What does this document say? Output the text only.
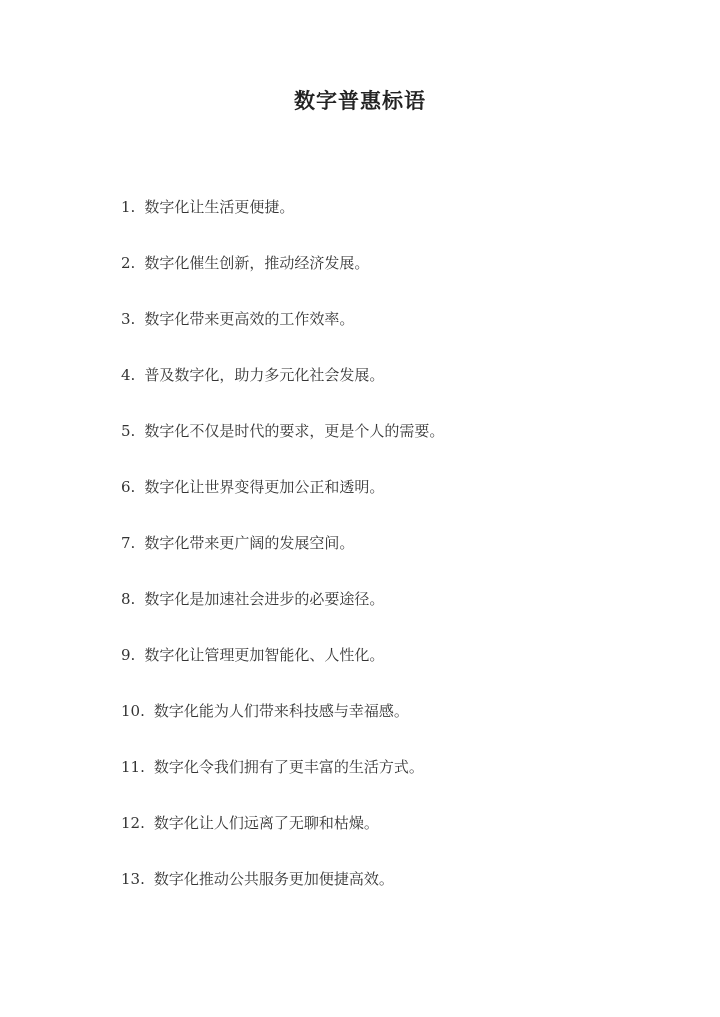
数字普惠标语
1. 数字化让生活更便捷。
2. 数字化催生创新，推动经济发展。
3. 数字化带来更高效的工作效率。
4. 普及数字化，助力多元化社会发展。
5. 数字化不仅是时代的要求，更是个人的需要。
6. 数字化让世界变得更加公正和透明。
7. 数字化带来更广阔的发展空间。
8. 数字化是加速社会进步的必要途径。
9. 数字化让管理更加智能化、人性化。
10. 数字化能为人们带来科技感与幸福感。
11. 数字化令我们拥有了更丰富的生活方式。
12. 数字化让人们远离了无聊和枯燥。
13. 数字化推动公共服务更加便捷高效。
